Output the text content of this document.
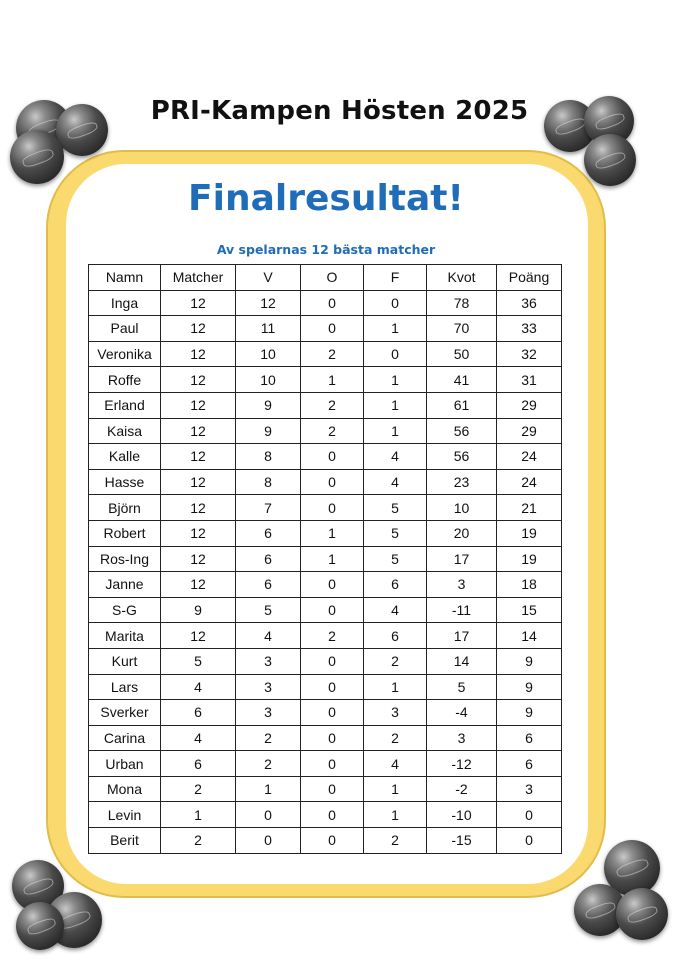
PRI-Kampen Hösten 2025
Finalresultat!
Av spelarnas 12 bästa matcher
Namn	Matcher	V	O	F	Kvot	Poäng
Inga	12	12	0	0	78	36
Paul	12	11	0	1	70	33
Veronika	12	10	2	0	50	32
Roffe	12	10	1	1	41	31
Erland	12	9	2	1	61	29
Kaisa	12	9	2	1	56	29
Kalle	12	8	0	4	56	24
Hasse	12	8	0	4	23	24
Björn	12	7	0	5	10	21
Robert	12	6	1	5	20	19
Ros-Ing	12	6	1	5	17	19
Janne	12	6	0	6	3	18
S-G	9	5	0	4	-11	15
Marita	12	4	2	6	17	14
Kurt	5	3	0	2	14	9
Lars	4	3	0	1	5	9
Sverker	6	3	0	3	-4	9
Carina	4	2	0	2	3	6
Urban	6	2	0	4	-12	6
Mona	2	1	0	1	-2	3
Levin	1	0	0	1	-10	0
Berit	2	0	0	2	-15	0
